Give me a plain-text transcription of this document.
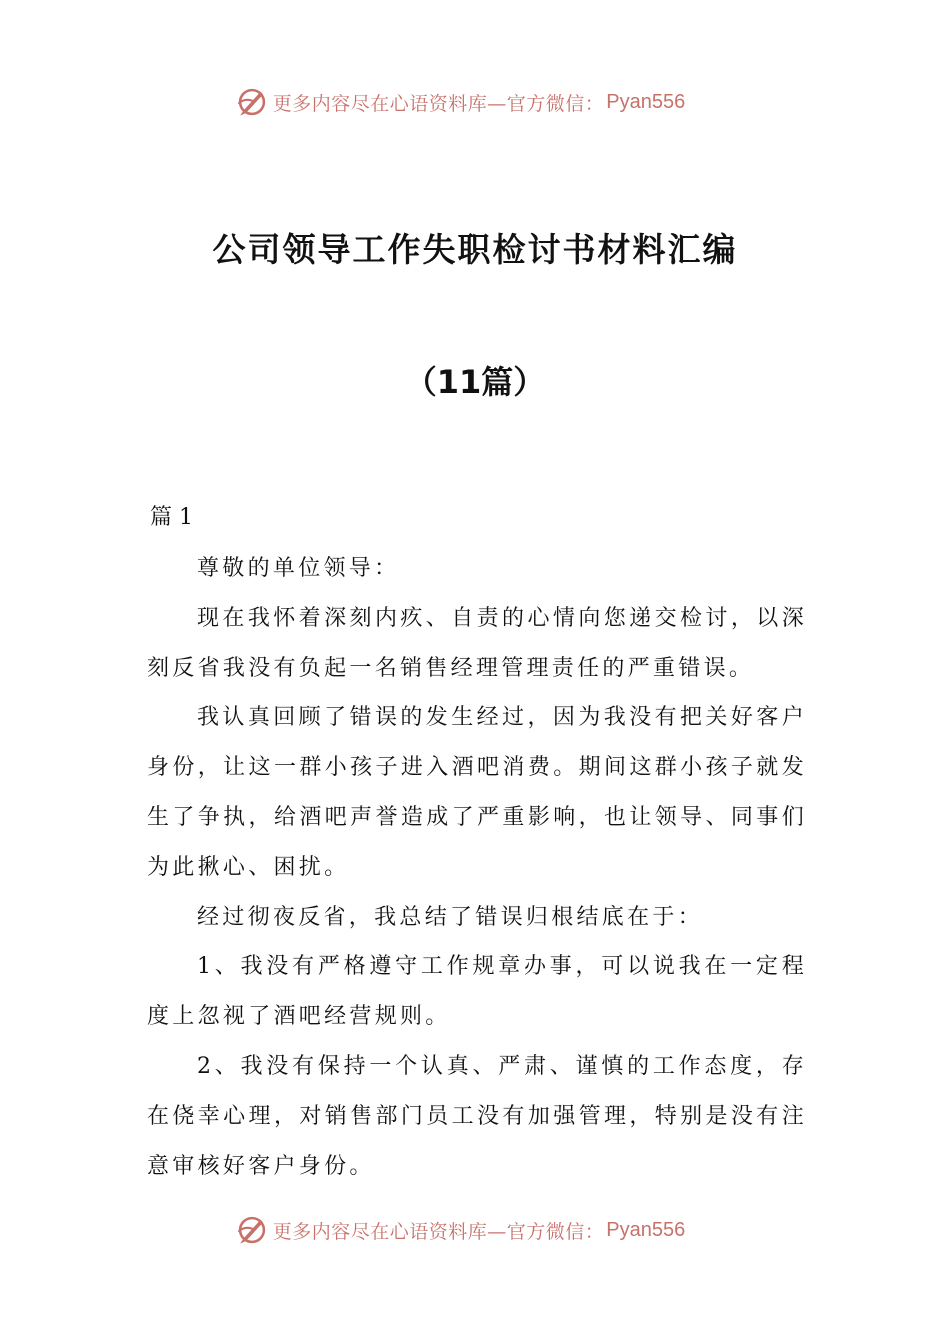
更多内容尽在心语资料库—官方微信： Pyan556
公司领导工作失职检讨书材料汇编
（11篇）
篇 1

尊敬的单位领导：

现在我怀着深刻内疚、自责的心情向您递交检讨，以深刻反省我没有负起一名销售经理管理责任的严重错误。

我认真回顾了错误的发生经过，因为我没有把关好客户身份，让这一群小孩子进入酒吧消费。期间这群小孩子就发生了争执，给酒吧声誉造成了严重影响，也让领导、同事们为此揪心、困扰。

经过彻夜反省，我总结了错误归根结底在于：

1、我没有严格遵守工作规章办事，可以说我在一定程度上忽视了酒吧经营规则。

2、我没有保持一个认真、严肃、谨慎的工作态度，存在侥幸心理，对销售部门员工没有加强管理，特别是没有注意审核好客户身份。

更多内容尽在心语资料库—官方微信： Pyan556
